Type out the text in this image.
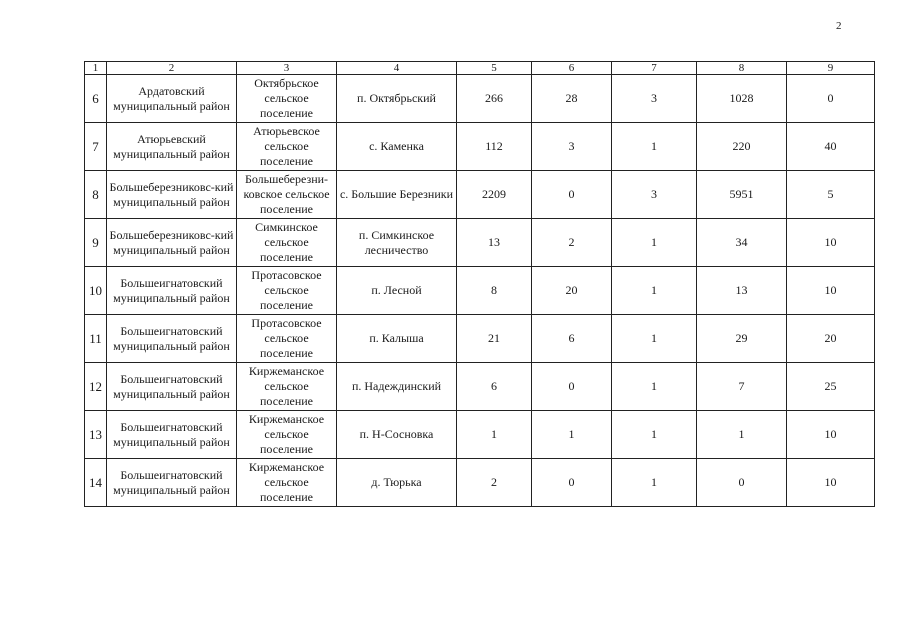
2
1	2	3	4	5	6	7	8	9
6	Ардатовский муниципальный район	Октябрьское сельское поселение	п. Октябрьский	266	28	3	1028	0
7	Атюрьевский муниципальный район	Атюрьевское сельское поселение	с. Каменка	112	3	1	220	40
8	Большеберезниковс-кий муниципальный район	Большеберезни-ковское сельское поселение	с. Большие Березники	2209	0	3	5951	5
9	Большеберезниковс-кий муниципальный район	Симкинское сельское поселение	п. Симкинское лесничество	13	2	1	34	10
10	Большеигнатовский муниципальный район	Протасовское сельское поселение	п. Лесной	8	20	1	13	10
11	Большеигнатовский муниципальный район	Протасовское сельское поселение	п. Калыша	21	6	1	29	20
12	Большеигнатовский муниципальный район	Киржеманское сельское поселение	п. Надеждинский	6	0	1	7	25
13	Большеигнатовский муниципальный район	Киржеманское сельское поселение	п. Н-Сосновка	1	1	1	1	10
14	Большеигнатовский муниципальный район	Киржеманское сельское поселение	д. Тюрька	2	0	1	0	10
